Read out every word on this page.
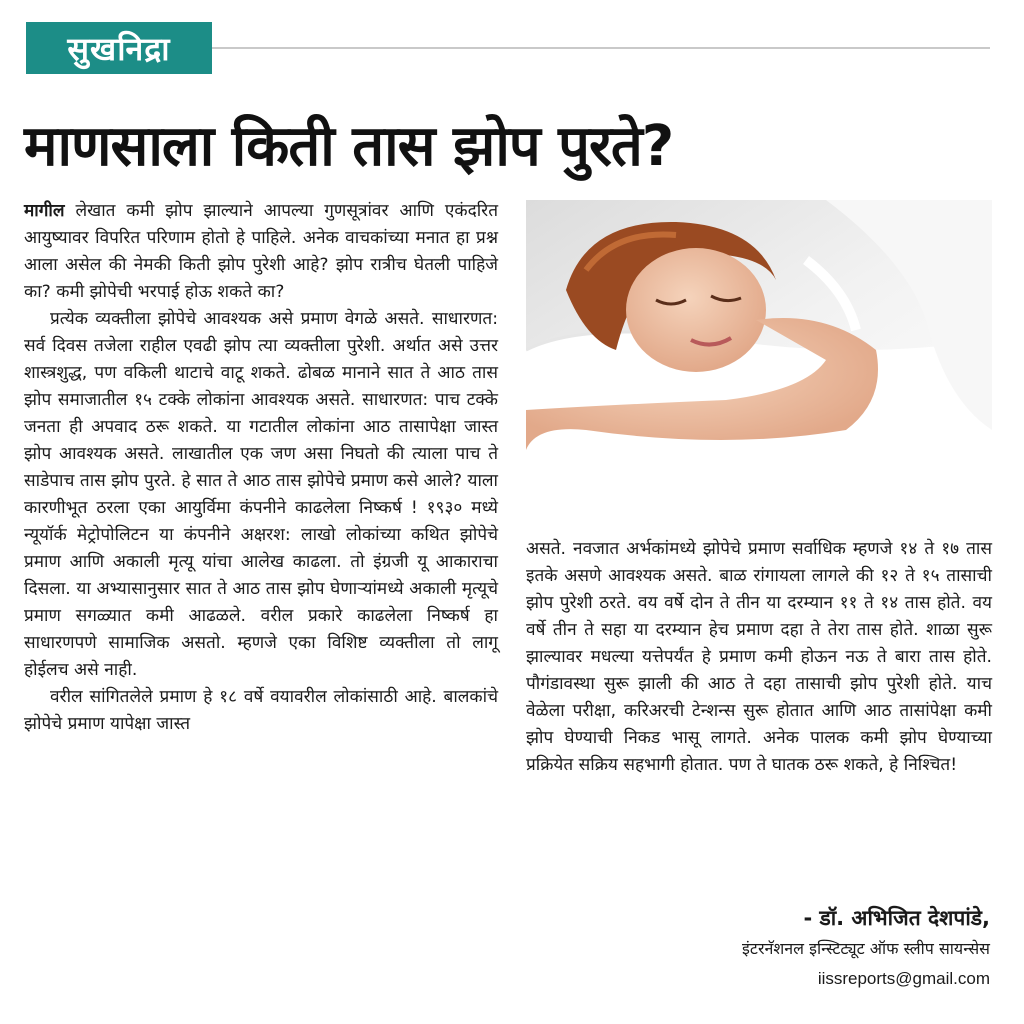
सुखनिद्रा
माणसाला किती तास झोप पुरते?

मागील लेखात कमी झोप झाल्याने आपल्या गुणसूत्रांवर आणि एकंदरित आयुष्यावर विपरित परिणाम होतो हे पाहिले. अनेक वाचकांच्या मनात हा प्रश्न आला असेल की नेमकी किती झोप पुरेशी आहे? झोप रात्रीच घेतली पाहिजे का? कमी झोपेची भरपाई होऊ शकते का?

प्रत्येक व्यक्तीला झोपेचे आवश्यक असे प्रमाण वेगळे असते. साधारणत: सर्व दिवस तजेला राहील एवढी झोप त्या व्यक्तीला पुरेशी. अर्थात असे उत्तर शास्त्रशुद्ध, पण वकिली थाटाचे वाटू शकते. ढोबळ मानाने सात ते आठ तास झोप समाजातील १५ टक्के लोकांना आवश्यक असते. साधारणत: पाच टक्के जनता ही अपवाद ठरू शकते. या गटातील लोकांना आठ तासापेक्षा जास्त झोप आवश्यक असते. लाखातील एक जण असा निघतो की त्याला पाच ते साडेपाच तास झोप पुरते. हे सात ते आठ तास झोपेचे प्रमाण कसे आले? याला कारणीभूत ठरला एका आयुर्विमा कंपनीने काढलेला निष्कर्ष ! १९३० मध्ये न्यूयॉर्क मेट्रोपोलिटन या कंपनीने अक्षरश: लाखो लोकांच्या कथित झोपेचे प्रमाण आणि अकाली मृत्यू यांचा आलेख काढला. तो इंग्रजी यू आकाराचा दिसला. या अभ्यासानुसार सात ते आठ तास झोप घेणाऱ्यांमध्ये अकाली मृत्यूचे प्रमाण सगळ्यात कमी आढळले. वरील प्रकारे काढलेला निष्कर्ष हा साधारणपणे सामाजिक असतो. म्हणजे एका विशिष्ट व्यक्तीला तो लागू होईलच असे नाही.

वरील सांगितलेले प्रमाण हे १८ वर्षे वयावरील लोकांसाठी आहे. बालकांचे झोपेचे प्रमाण यापेक्षा जास्त

असते. नवजात अर्भकांमध्ये झोपेचे प्रमाण सर्वाधिक म्हणजे १४ ते १७ तास इतके असणे आवश्यक असते. बाळ रांगायला लागले की १२ ते १५ तासाची झोप पुरेशी ठरते. वय वर्षे दोन ते तीन या दरम्यान ११ ते १४ तास होते. वय वर्षे तीन ते सहा या दरम्यान हेच प्रमाण दहा ते तेरा तास होते. शाळा सुरू झाल्यावर मधल्या यत्तेपर्यंत हे प्रमाण कमी होऊन नऊ ते बारा तास होते. पौगंडावस्था सुरू झाली की आठ ते दहा तासाची झोप पुरेशी होते. याच वेळेला परीक्षा, करिअरची टेन्शन्स सुरू होतात आणि आठ तासांपेक्षा कमी झोप घेण्याची निकड भासू लागते. अनेक पालक कमी झोप घेण्याच्या प्रक्रियेत सक्रिय सहभागी होतात. पण ते घातक ठरू शकते, हे निश्चित!

- डॉ. अभिजित देशपांडे,
इंटरनॅशनल इन्स्टिट्यूट ऑफ स्लीप सायन्सेस
iissreports@gmail.com
